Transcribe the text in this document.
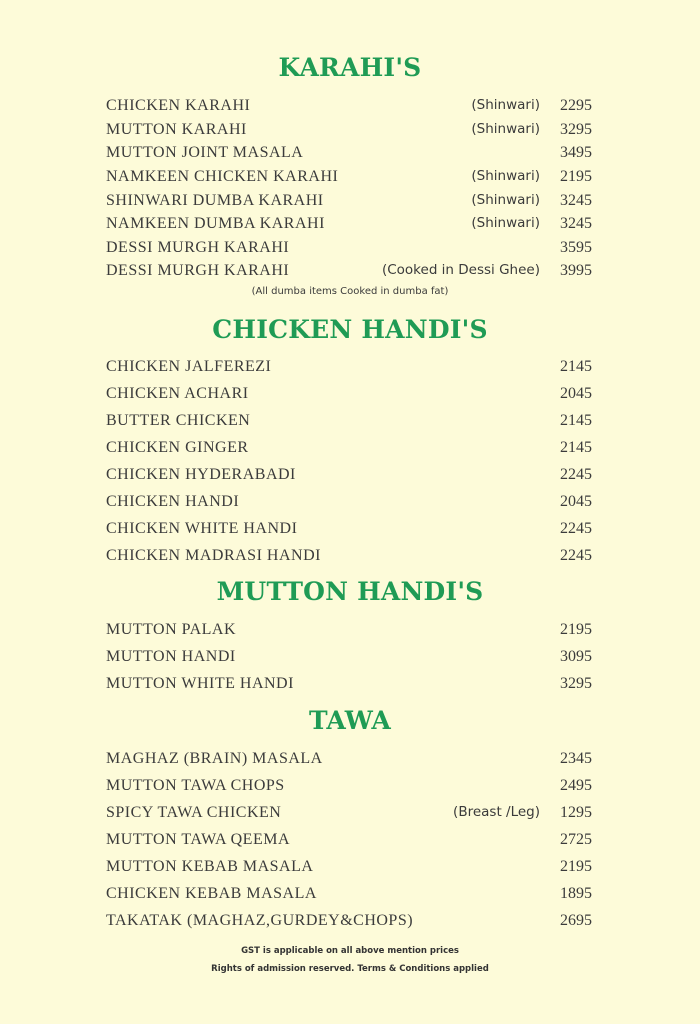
KARAHI'S
CHICKEN KARAHI	(Shinwari) 2295
MUTTON KARAHI	(Shinwari) 3295
MUTTON JOINT MASALA	3495
NAMKEEN CHICKEN KARAHI	(Shinwari) 2195
SHINWARI DUMBA KARAHI	(Shinwari) 3245
NAMKEEN DUMBA KARAHI	(Shinwari) 3245
DESSI MURGH KARAHI	3595
DESSI MURGH KARAHI	(Cooked in Dessi Ghee) 3995
(All dumba items Cooked in dumba fat)
CHICKEN HANDI'S
CHICKEN JALFEREZI	2145
CHICKEN ACHARI	2045
BUTTER CHICKEN	2145
CHICKEN GINGER	2145
CHICKEN HYDERABADI	2245
CHICKEN HANDI	2045
CHICKEN WHITE HANDI	2245
CHICKEN MADRASI HANDI	2245
MUTTON HANDI'S
MUTTON PALAK	2195
MUTTON HANDI	3095
MUTTON WHITE HANDI	3295
TAWA
MAGHAZ (BRAIN) MASALA	2345
MUTTON TAWA CHOPS	2495
SPICY TAWA CHICKEN	(Breast /Leg) 1295
MUTTON TAWA QEEMA	2725
MUTTON KEBAB MASALA	2195
CHICKEN KEBAB MASALA	1895
TAKATAK (MAGHAZ,GURDEY&CHOPS)	2695
GST is applicable on all above mention prices
Rights of admission reserved. Terms & Conditions applied
